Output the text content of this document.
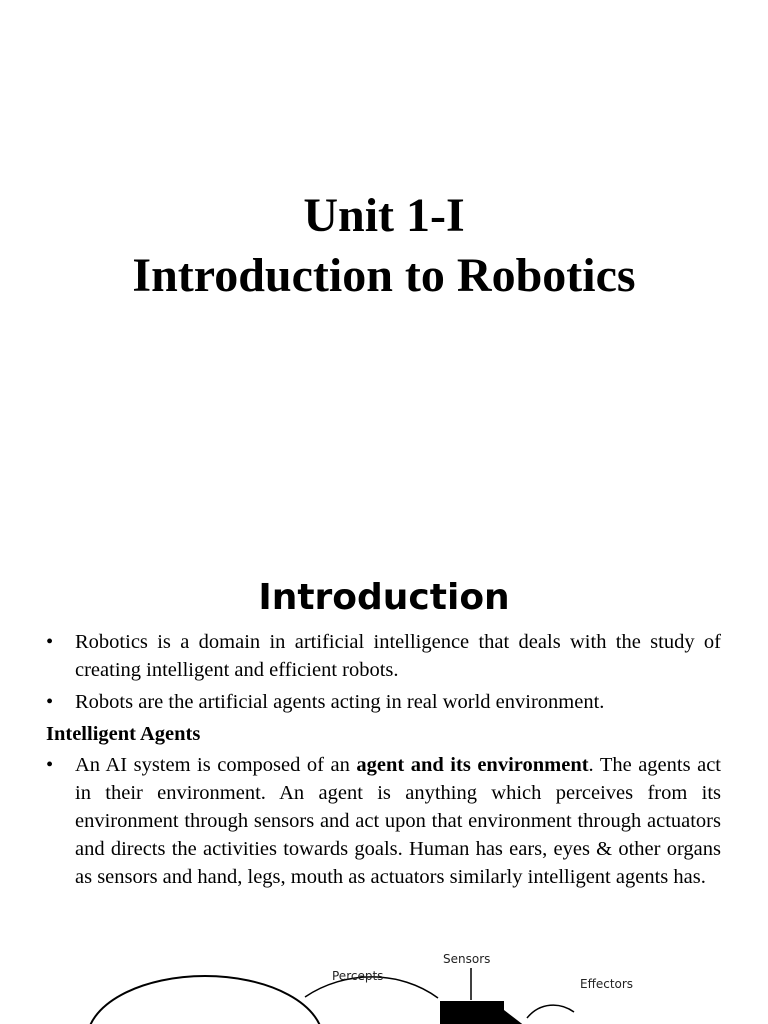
Unit 1-I
Introduction to Robotics
Introduction
• Robotics is a domain in artificial intelligence that deals with the study of creating intelligent and efficient robots.
• Robots are the artificial agents acting in real world environment.
Intelligent Agents
• An AI system is composed of an agent and its environment. The agents act in their environment. An agent is anything which perceives from its environment through sensors and act upon that environment through actuators and directs the activities towards goals. Human has ears, eyes & other organs as sensors and hand, legs, mouth as actuators similarly intelligent agents has.
Percepts
Sensors
Effectors
